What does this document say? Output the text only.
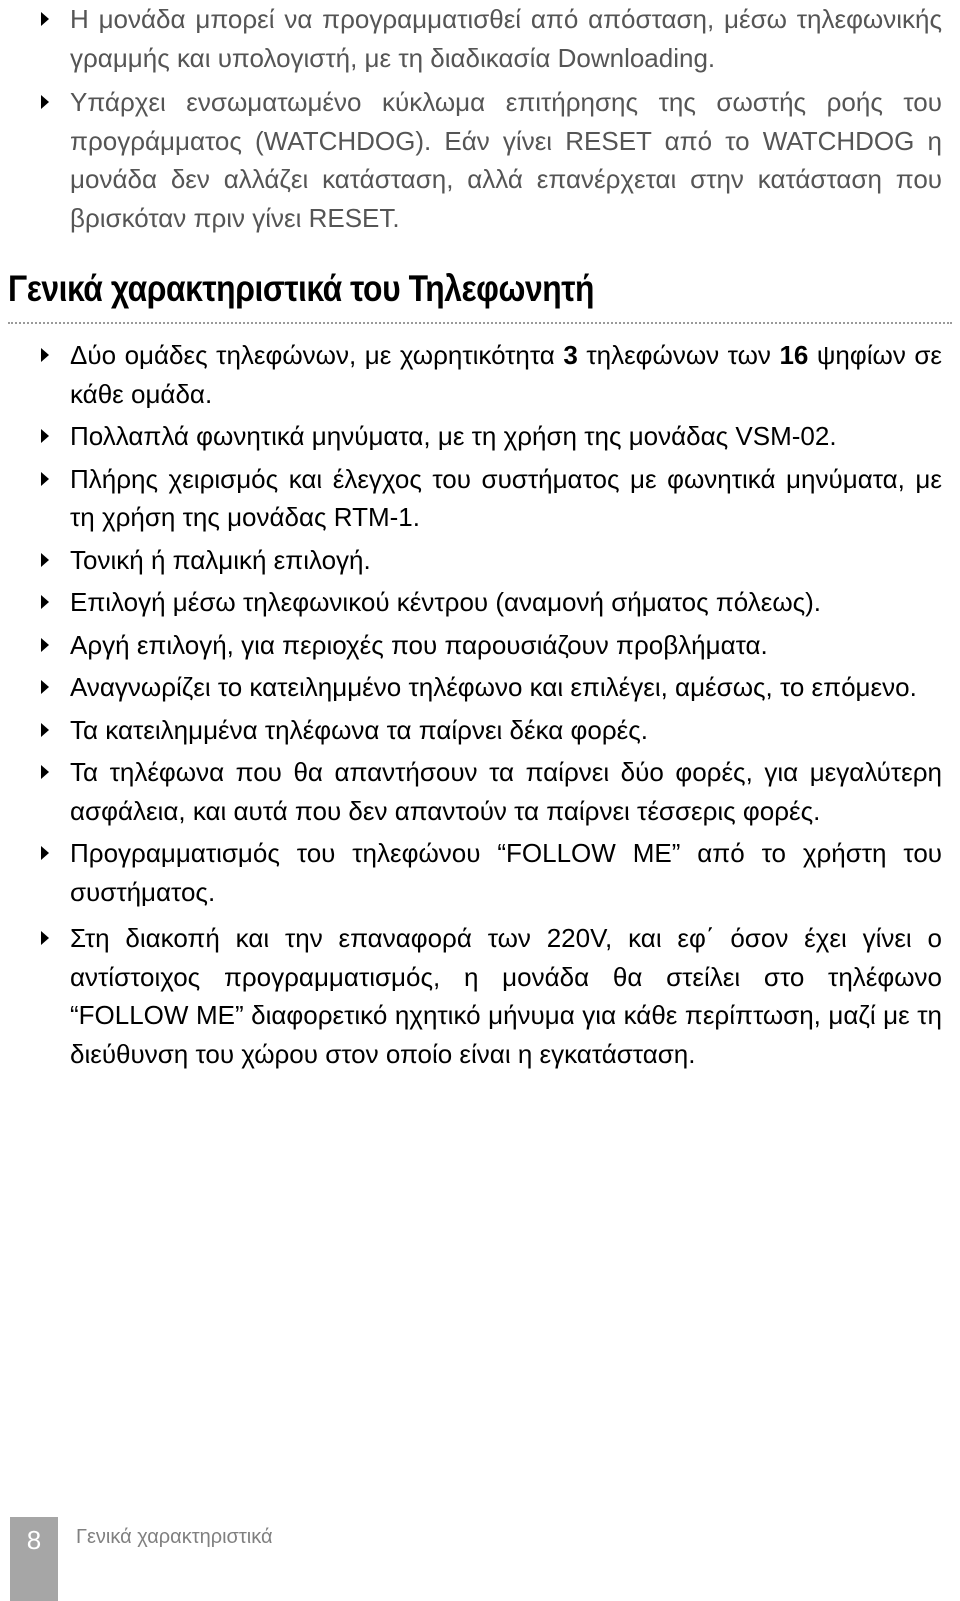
Η μονάδα μπορεί να προγραμματισθεί από απόσταση, μέσω τηλεφωνικής γραμμής και υπολογιστή, με τη διαδικασία Downloading.
Υπάρχει ενσωματωμένο κύκλωμα επιτήρησης της σωστής ροής του προγράμματος (WATCHDOG). Εάν γίνει RESET από το WATCHDOG η μονάδα δεν αλλάζει κατάσταση, αλλά επανέρχεται στην κατάσταση που βρισκόταν πριν γίνει RESET.
Γενικά χαρακτηριστικά του Τηλεφωνητή
Δύο ομάδες τηλεφώνων, με χωρητικότητα 3 τηλεφώνων των 16 ψηφίων σε κάθε ομάδα.
Πολλαπλά φωνητικά μηνύματα, με τη χρήση της μονάδας VSM-02.
Πλήρης χειρισμός και έλεγχος του συστήματος με φωνητικά μηνύματα, με τη χρήση της μονάδας RTM-1.
Τονική ή παλμική επιλογή.
Επιλογή μέσω τηλεφωνικού κέντρου (αναμονή σήματος πόλεως).
Αργή επιλογή, για περιοχές που παρουσιάζουν προβλήματα.
Αναγνωρίζει το κατειλημμένο τηλέφωνο και επιλέγει, αμέσως, το επόμενο.
Τα κατειλημμένα τηλέφωνα τα παίρνει δέκα φορές.
Τα τηλέφωνα που θα απαντήσουν τα παίρνει δύο φορές, για μεγαλύτερη ασφάλεια, και αυτά που δεν απαντούν τα παίρνει τέσσερις φορές.
Προγραμματισμός του τηλεφώνου “FOLLOW ME” από το χρήστη του συστήματος.
Στη διακοπή και την επαναφορά των 220V, και εφ΄ όσον έχει γίνει ο αντίστοιχος προγραμματισμός, η μονάδα θα στείλει στο τηλέφωνο “FOLLOW ME” διαφορετικό ηχητικό μήνυμα για κάθε περίπτωση, μαζί με τη διεύθυνση του χώρου στον οποίο είναι η εγκατάσταση.
8	Γενικά χαρακτηριστικά
